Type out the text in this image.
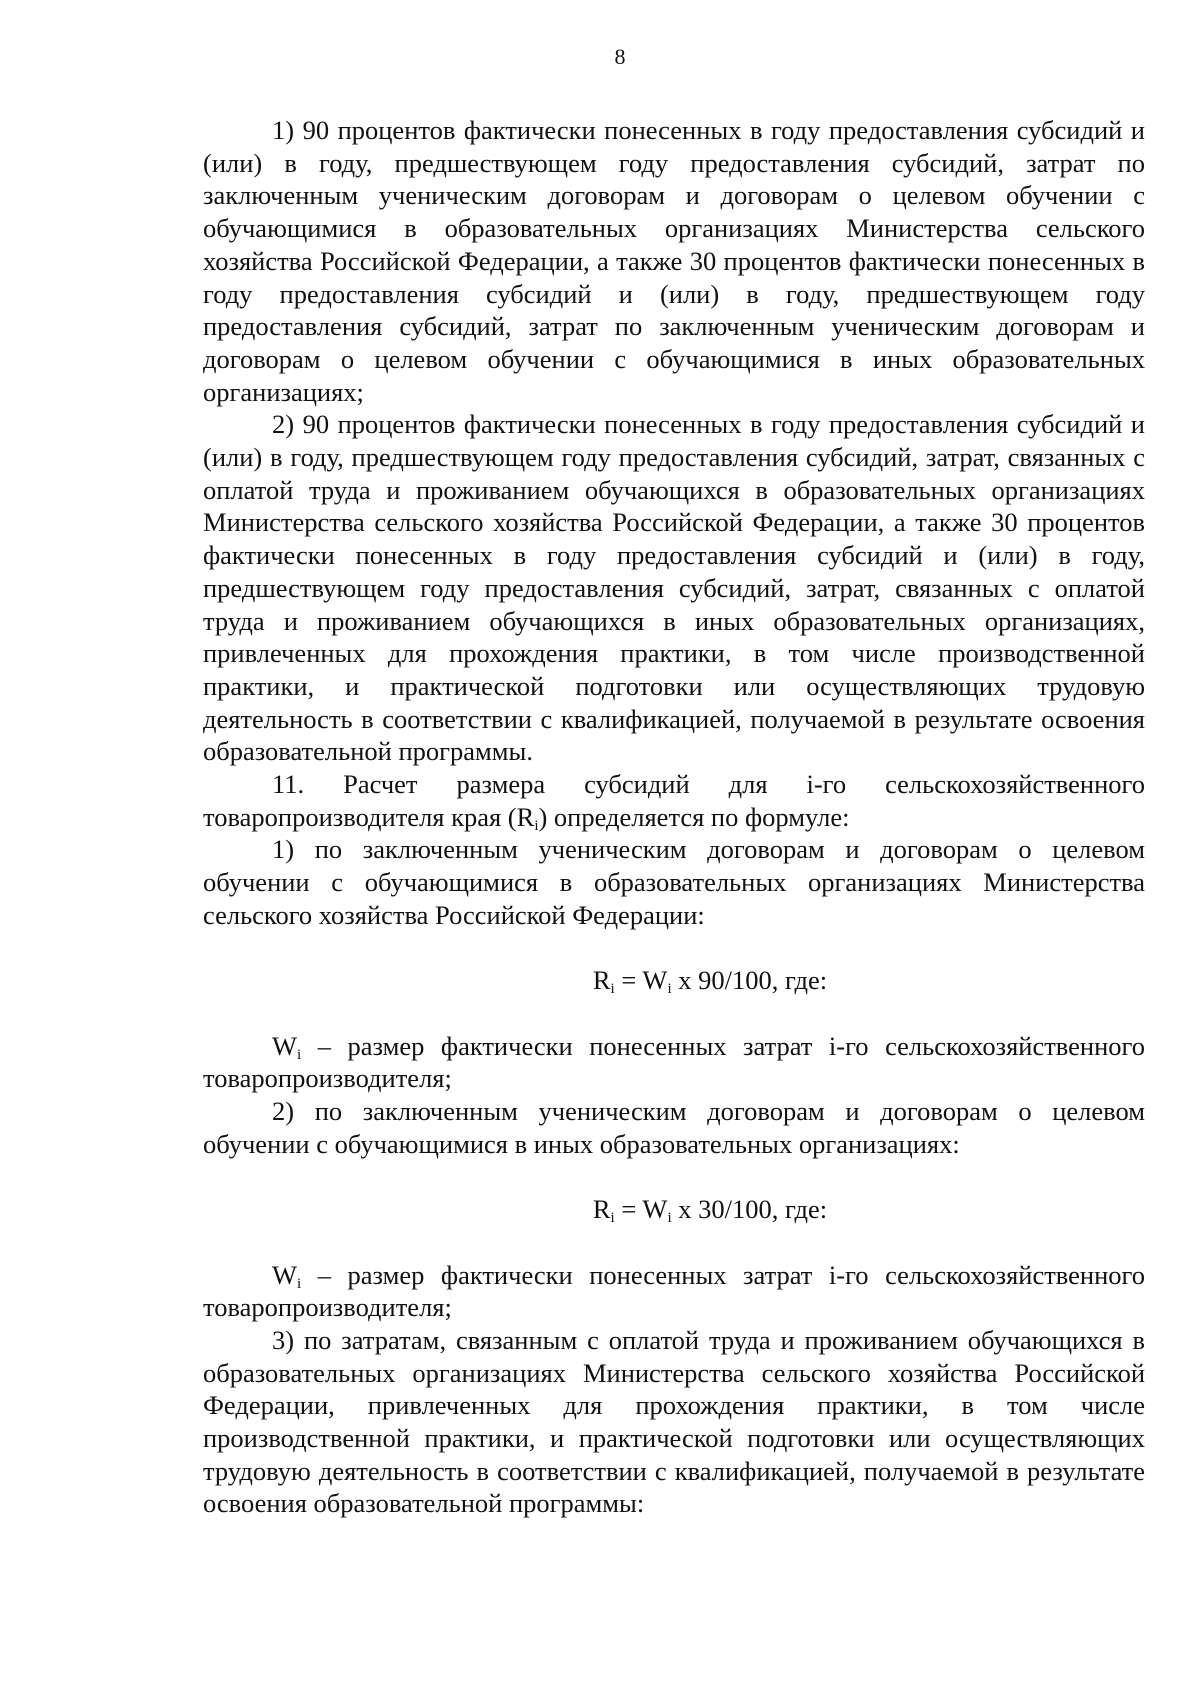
8

1) 90 процентов фактически понесенных в году предоставления субсидий и (или) в году, предшествующем году предоставления субсидий, затрат по заключенным ученическим договорам и договорам о целевом обучении с обучающимися в образовательных организациях Министерства сельского хозяйства Российской Федерации, а также 30 процентов фактически понесенных в году предоставления субсидий и (или) в году, предшествующем году предоставления субсидий, затрат по заключенным ученическим договорам и договорам о целевом обучении с обучающимися в иных образовательных организациях;

2) 90 процентов фактически понесенных в году предоставления субсидий и (или) в году, предшествующем году предоставления субсидий, затрат, связанных с оплатой труда и проживанием обучающихся в образовательных организациях Министерства сельского хозяйства Российской Федерации, а также 30 процентов фактически понесенных в году предоставления субсидий и (или) в году, предшествующем году предоставления субсидий, затрат, связанных с оплатой труда и проживанием обучающихся в иных образовательных организациях, привлеченных для прохождения практики, в том числе производственной практики, и практической подготовки или осуществляющих трудовую деятельность в соответствии с квалификацией, получаемой в результате освоения образовательной программы.

11. Расчет размера субсидий для i-го сельскохозяйственного товаропроизводителя края $(R_i)$ определяется по формуле:

1) по заключенным ученическим договорам и договорам о целевом обучении с обучающимися в образовательных организациях Министерства сельского хозяйства Российской Федерации:

$R_i = W_i$ x 90/100, где:

$W_i$ – размер фактически понесенных затрат i-го сельскохозяйственного товаропроизводителя;

2) по заключенным ученическим договорам и договорам о целевом обучении с обучающимися в иных образовательных организациях:

$R_i = W_i$ x 30/100, где:

$W_i$ – размер фактически понесенных затрат i-го сельскохозяйственного товаропроизводителя;

3) по затратам, связанным с оплатой труда и проживанием обучающихся в образовательных организациях Министерства сельского хозяйства Российской Федерации, привлеченных для прохождения практики, в том числе производственной практики, и практической подготовки или осуществляющих трудовую деятельность в соответствии с квалификацией, получаемой в результате освоения образовательной программы:
